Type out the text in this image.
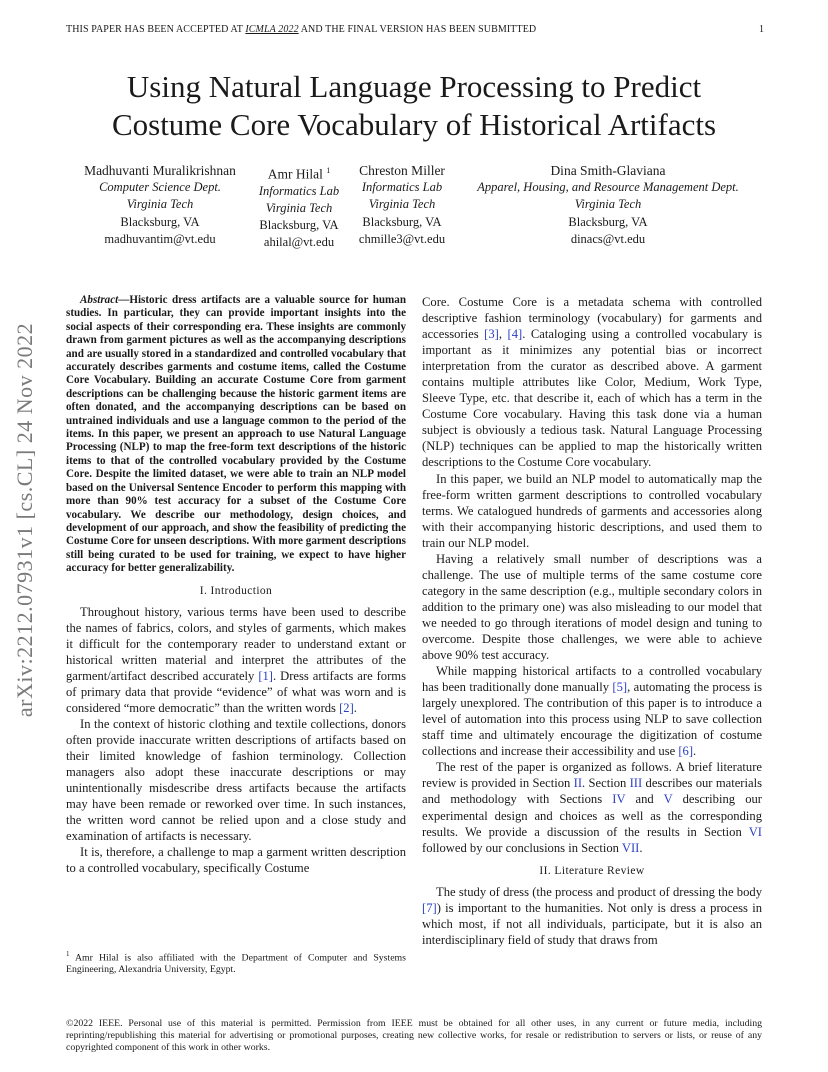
THIS PAPER HAS BEEN ACCEPTED AT ICMLA 2022 AND THE FINAL VERSION HAS BEEN SUBMITTED	1
Using Natural Language Processing to Predict
Costume Core Vocabulary of Historical Artifacts
Madhuvanti Muralikrishnan
Computer Science Dept.
Virginia Tech
Blacksburg, VA
madhuvantim@vt.edu
Amr Hilal $^1$
Informatics Lab
Virginia Tech
Blacksburg, VA
ahilal@vt.edu
Chreston Miller
Informatics Lab
Virginia Tech
Blacksburg, VA
chmille3@vt.edu
Dina Smith-Glaviana
Apparel, Housing, and Resource Management Dept.
Virginia Tech
Blacksburg, VA
dinacs@vt.edu
arXiv:2212.07931v1 [cs.CL] 24 Nov 2022

Abstract—Historic dress artifacts are a valuable source for human studies. In particular, they can provide important insights into the social aspects of their corresponding era. These insights are commonly drawn from garment pictures as well as the accompanying descriptions and are usually stored in a standardized and controlled vocabulary that accurately describes garments and costume items, called the Costume Core Vocabulary. Building an accurate Costume Core from garment descriptions can be challenging because the historic garment items are often donated, and the accompanying descriptions can be based on untrained individuals and use a language common to the period of the items. In this paper, we present an approach to use Natural Language Processing (NLP) to map the free-form text descriptions of the historic items to that of the controlled vocabulary provided by the Costume Core. Despite the limited dataset, we were able to train an NLP model based on the Universal Sentence Encoder to perform this mapping with more than 90% test accuracy for a subset of the Costume Core vocabulary. We describe our methodology, design choices, and development of our approach, and show the feasibility of predicting the Costume Core for unseen descriptions. With more garment descriptions still being curated to be used for training, we expect to have higher accuracy for better generalizability.

I. Introduction

Throughout history, various terms have been used to describe the names of fabrics, colors, and styles of garments, which makes it difficult for the contemporary reader to understand extant or historical written material and interpret the attributes of the garment/artifact described accurately [1]. Dress artifacts are forms of primary data that provide “evidence” of what was worn and is considered “more democratic” than the written words [2].

In the context of historic clothing and textile collections, donors often provide inaccurate written descriptions of artifacts based on their limited knowledge of fashion terminology. Collection managers also adopt these inaccurate descriptions or may unintentionally misdescribe dress artifacts because the artifacts may have been remade or reworked over time. In such instances, the written word cannot be relied upon and a close study and examination of artifacts is necessary.

It is, therefore, a challenge to map a garment written description to a controlled vocabulary, specifically Costume

$^1$ Amr Hilal is also affiliated with the Department of Computer and Systems Engineering, Alexandria University, Egypt.

Core. Costume Core is a metadata schema with controlled descriptive fashion terminology (vocabulary) for garments and accessories [3], [4]. Cataloging using a controlled vocabulary is important as it minimizes any potential bias or incorrect interpretation from the curator as described above. A garment contains multiple attributes like Color, Medium, Work Type, Sleeve Type, etc. that describe it, each of which has a term in the Costume Core vocabulary. Having this task done via a human subject is obviously a tedious task. Natural Language Processing (NLP) techniques can be applied to map the historically written descriptions to the Costume Core vocabulary.

In this paper, we build an NLP model to automatically map the free-form written garment descriptions to controlled vocabulary terms. We catalogued hundreds of garments and accessories along with their accompanying historic descriptions, and used them to train our NLP model.

Having a relatively small number of descriptions was a challenge. The use of multiple terms of the same costume core category in the same description (e.g., multiple secondary colors in addition to the primary one) was also misleading to our model that we needed to go through iterations of model design and tuning to overcome. Despite those challenges, we were able to achieve above 90% test accuracy.

While mapping historical artifacts to a controlled vocabulary has been traditionally done manually [5], automating the process is largely unexplored. The contribution of this paper is to introduce a level of automation into this process using NLP to save collection staff time and ultimately encourage the digitization of costume collections and increase their accessibility and use [6].

The rest of the paper is organized as follows. A brief literature review is provided in Section II. Section III describes our materials and methodology with Sections IV and V describing our experimental design and choices as well as the corresponding results. We provide a discussion of the results in Section VI followed by our conclusions in Section VII.

II. Literature Review

The study of dress (the process and product of dressing the body [7]) is important to the humanities. Not only is dress a process in which most, if not all individuals, participate, but it is also an interdisciplinary field of study that draws from

©2022 IEEE. Personal use of this material is permitted. Permission from IEEE must be obtained for all other uses, in any current or future media, including reprinting/republishing this material for advertising or promotional purposes, creating new collective works, for resale or redistribution to servers or lists, or reuse of any copyrighted component of this work in other works.
